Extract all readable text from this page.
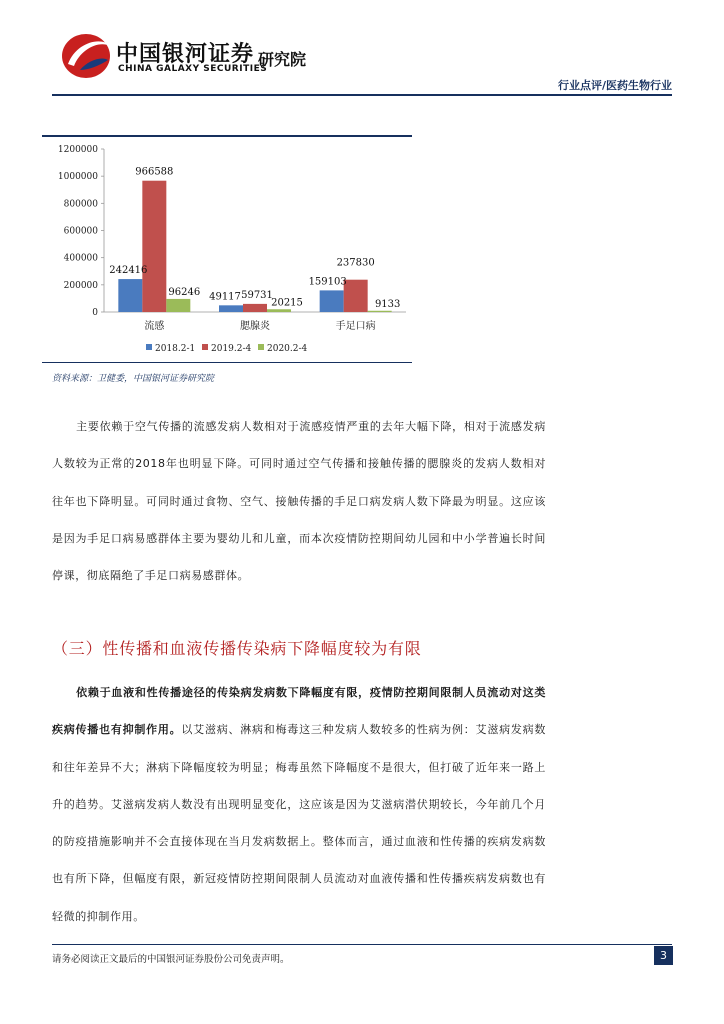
中国银河证券
CHINA GALAXY SECURITIES
研究院
行业点评/医药生物行业
0
200000
400000
600000
800000
1000000
1200000
242416
966588
96246 49117 59731
20215
159103
237830
9133
流感	腮腺炎	手足口病
2018.2-1 2019.2-4 2020.2-4
资料来源：卫健委，中国银河证券研究院

主要依赖于空气传播的流感发病人数相对于流感疫情严重的去年大幅下降，相对于流感发病人数较为正常的2018年也明显下降。可同时通过空气传播和接触传播的腮腺炎的发病人数相对往年也下降明显。可同时通过食物、空气、接触传播的手足口病发病人数下降最为明显。这应该是因为手足口病易感群体主要为婴幼儿和儿童，而本次疫情防控期间幼儿园和中小学普遍长时间停课，彻底隔绝了手足口病易感群体。

（三）性传播和血液传播传染病下降幅度较为有限

依赖于血液和性传播途径的传染病发病数下降幅度有限，疫情防控期间限制人员流动对这类疾病传播也有抑制作用。以艾滋病、淋病和梅毒这三种发病人数较多的性病为例：艾滋病发病数和往年差异不大；淋病下降幅度较为明显；梅毒虽然下降幅度不是很大，但打破了近年来一路上升的趋势。艾滋病发病人数没有出现明显变化，这应该是因为艾滋病潜伏期较长，今年前几个月的防疫措施影响并不会直接体现在当月发病数据上。整体而言，通过血液和性传播的疾病发病数也有所下降，但幅度有限，新冠疫情防控期间限制人员流动对血液传播和性传播疾病发病数也有轻微的抑制作用。

请务必阅读正文最后的中国银河证券股份公司免责声明。	3
